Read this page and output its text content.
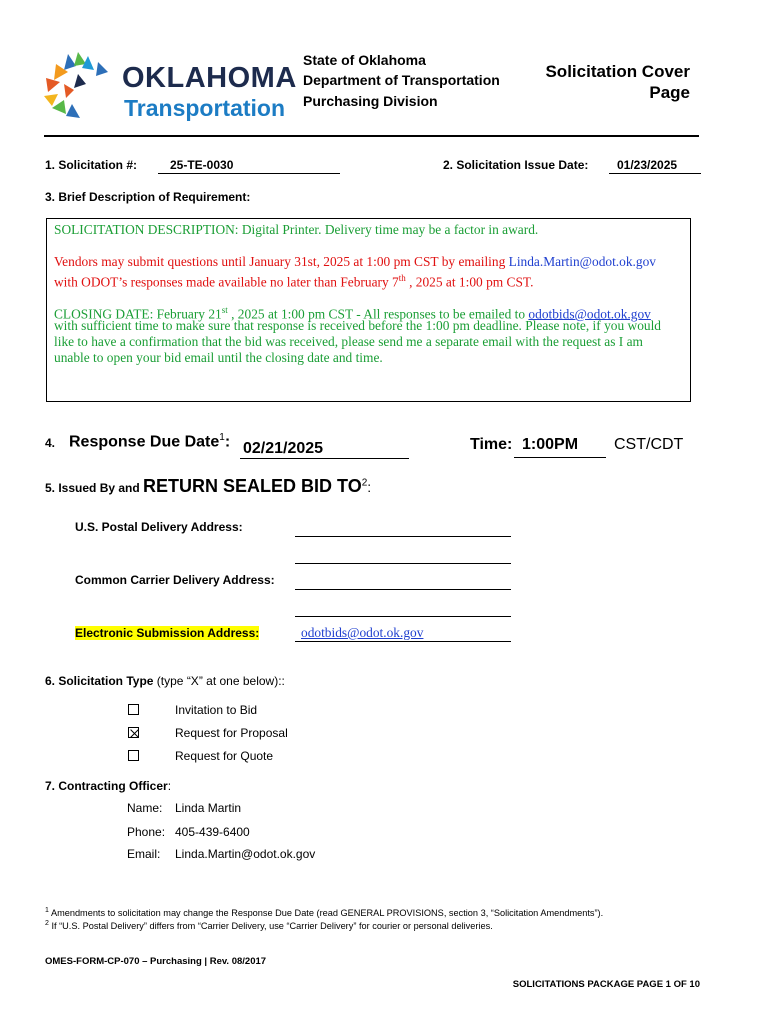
OKLAHOMA
Transportation
State of Oklahoma
Department of Transportation
Purchasing Division
Solicitation Cover
Page
1. Solicitation #:	25-TE-0030	2. Solicitation Issue Date:	01/23/2025
3. Brief Description of Requirement:
SOLICITATION DESCRIPTION: Digital Printer. Delivery time may be a factor in award.
Vendors may submit questions until January 31st, 2025 at 1:00 pm CST by emailing Linda.Martin@odot.ok.gov
with ODOT’s responses made available no later than February 7th , 2025 at 1:00 pm CST.
CLOSING DATE: February 21st , 2025 at 1:00 pm CST - All responses to be emailed to odotbids@odot.ok.gov
with sufficient time to make sure that response is received before the 1:00 pm deadline. Please note, if you would
like to have a confirmation that the bid was received, please send me a separate email with the request as I am
unable to open your bid email until the closing date and time.
4. Response Due Date$^1$: 02/21/2025	Time: 1:00PM	CST/CDT
5. Issued By and RETURN SEALED BID $TO^2$:
U.S. Postal Delivery Address:
Common Carrier Delivery Address:
Electronic Submission Address:	odotbids@odot.ok.gov
6. Solicitation Type (type “X” at one below)::
Invitation to Bid
Request for Proposal
Request for Quote
7. Contracting Officer:
Name: Linda Martin
Phone: 405-439-6400
Email: Linda.Martin@odot.ok.gov
$^1$ Amendments to solicitation may change the Response Due Date (read GENERAL PROVISIONS, section 3, “Solicitation Amendments”).
$^2$ If “U.S. Postal Delivery” differs from “Carrier Delivery, use “Carrier Delivery” for courier or personal deliveries.
OMES-FORM-CP-070 – Purchasing | Rev. 08/2017
SOLICITATIONS PACKAGE PAGE 1 OF 10
